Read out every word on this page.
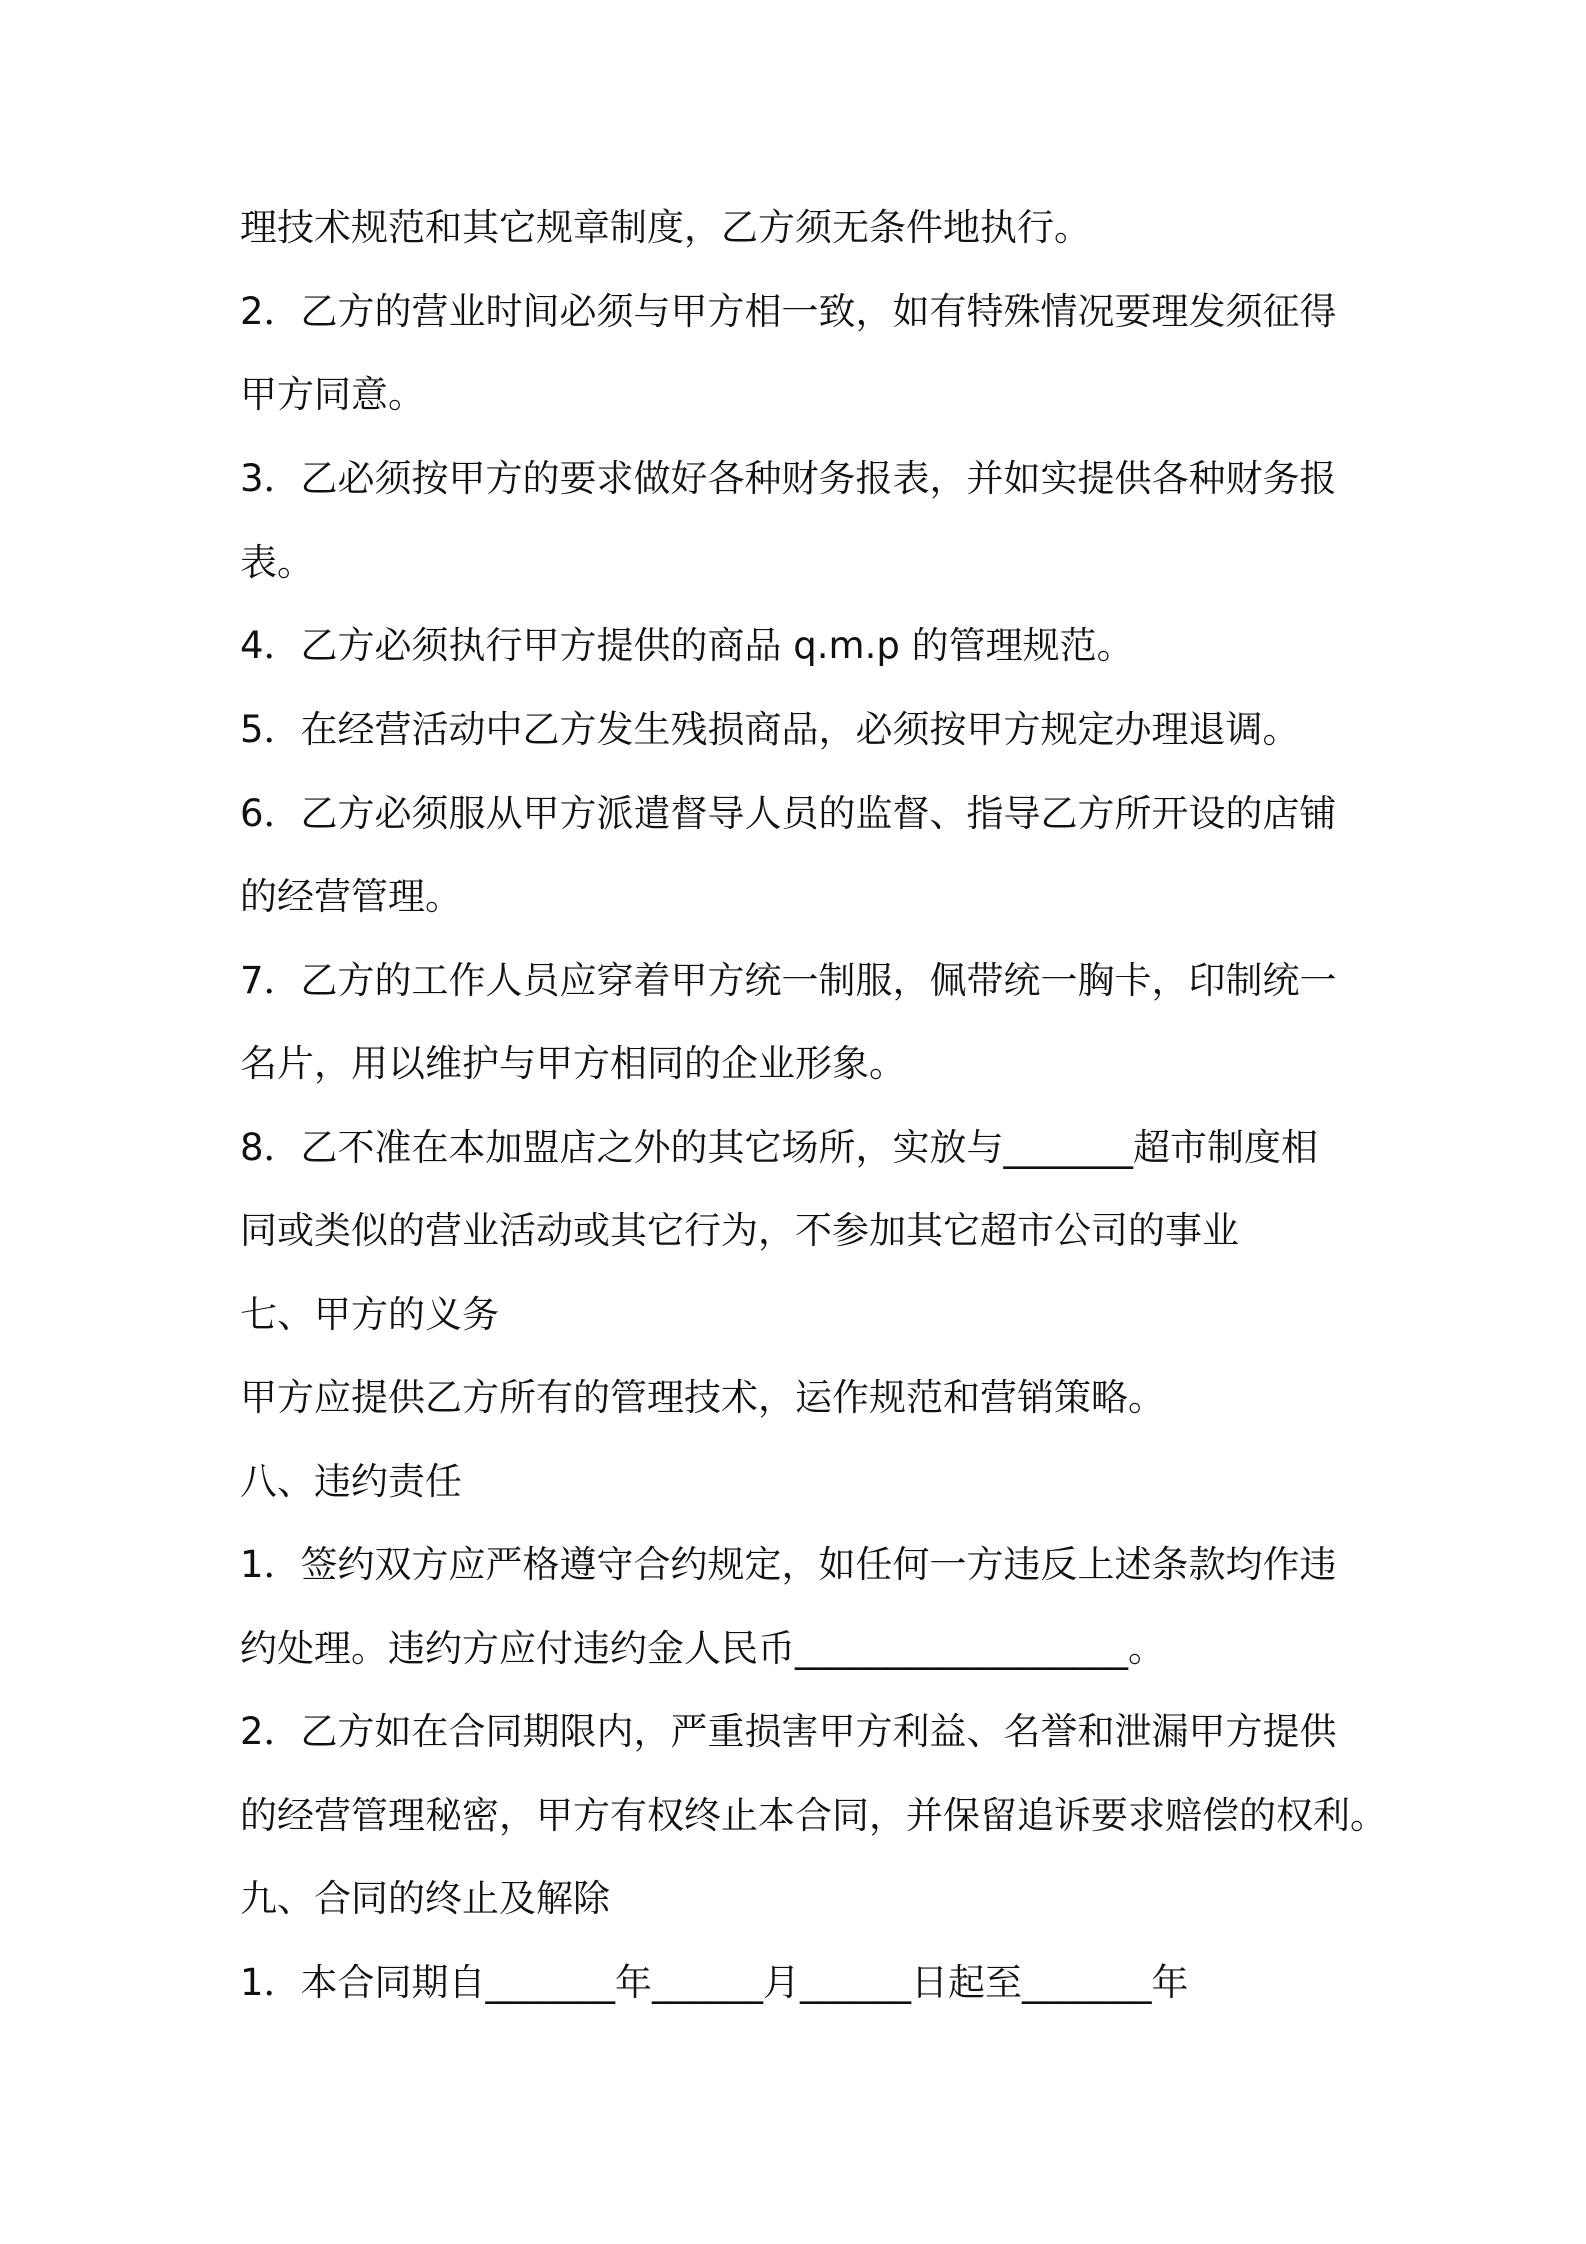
理技术规范和其它规章制度，乙方须无条件地执行。
2．乙方的营业时间必须与甲方相一致，如有特殊情况要理发须征得
甲方同意。
3．乙必须按甲方的要求做好各种财务报表，并如实提供各种财务报
表。
4．乙方必须执行甲方提供的商品 q.m.p 的管理规范。
5．在经营活动中乙方发生残损商品，必须按甲方规定办理退调。
6．乙方必须服从甲方派遣督导人员的监督、指导乙方所开设的店铺
的经营管理。
7．乙方的工作人员应穿着甲方统一制服，佩带统一胸卡，印制统一
名片，用以维护与甲方相同的企业形象。
8．乙不准在本加盟店之外的其它场所，实放与_______超市制度相
同或类似的营业活动或其它行为，不参加其它超市公司的事业
七、甲方的义务
甲方应提供乙方所有的管理技术，运作规范和营销策略。
八、违约责任
1．签约双方应严格遵守合约规定，如任何一方违反上述条款均作违
约处理。违约方应付违约金人民币__________________。
2．乙方如在合同期限内，严重损害甲方利益、名誉和泄漏甲方提供
的经营管理秘密，甲方有权终止本合同，并保留追诉要求赔偿的权利。
九、合同的终止及解除
1．本合同期自_______年______月______日起至_______年
